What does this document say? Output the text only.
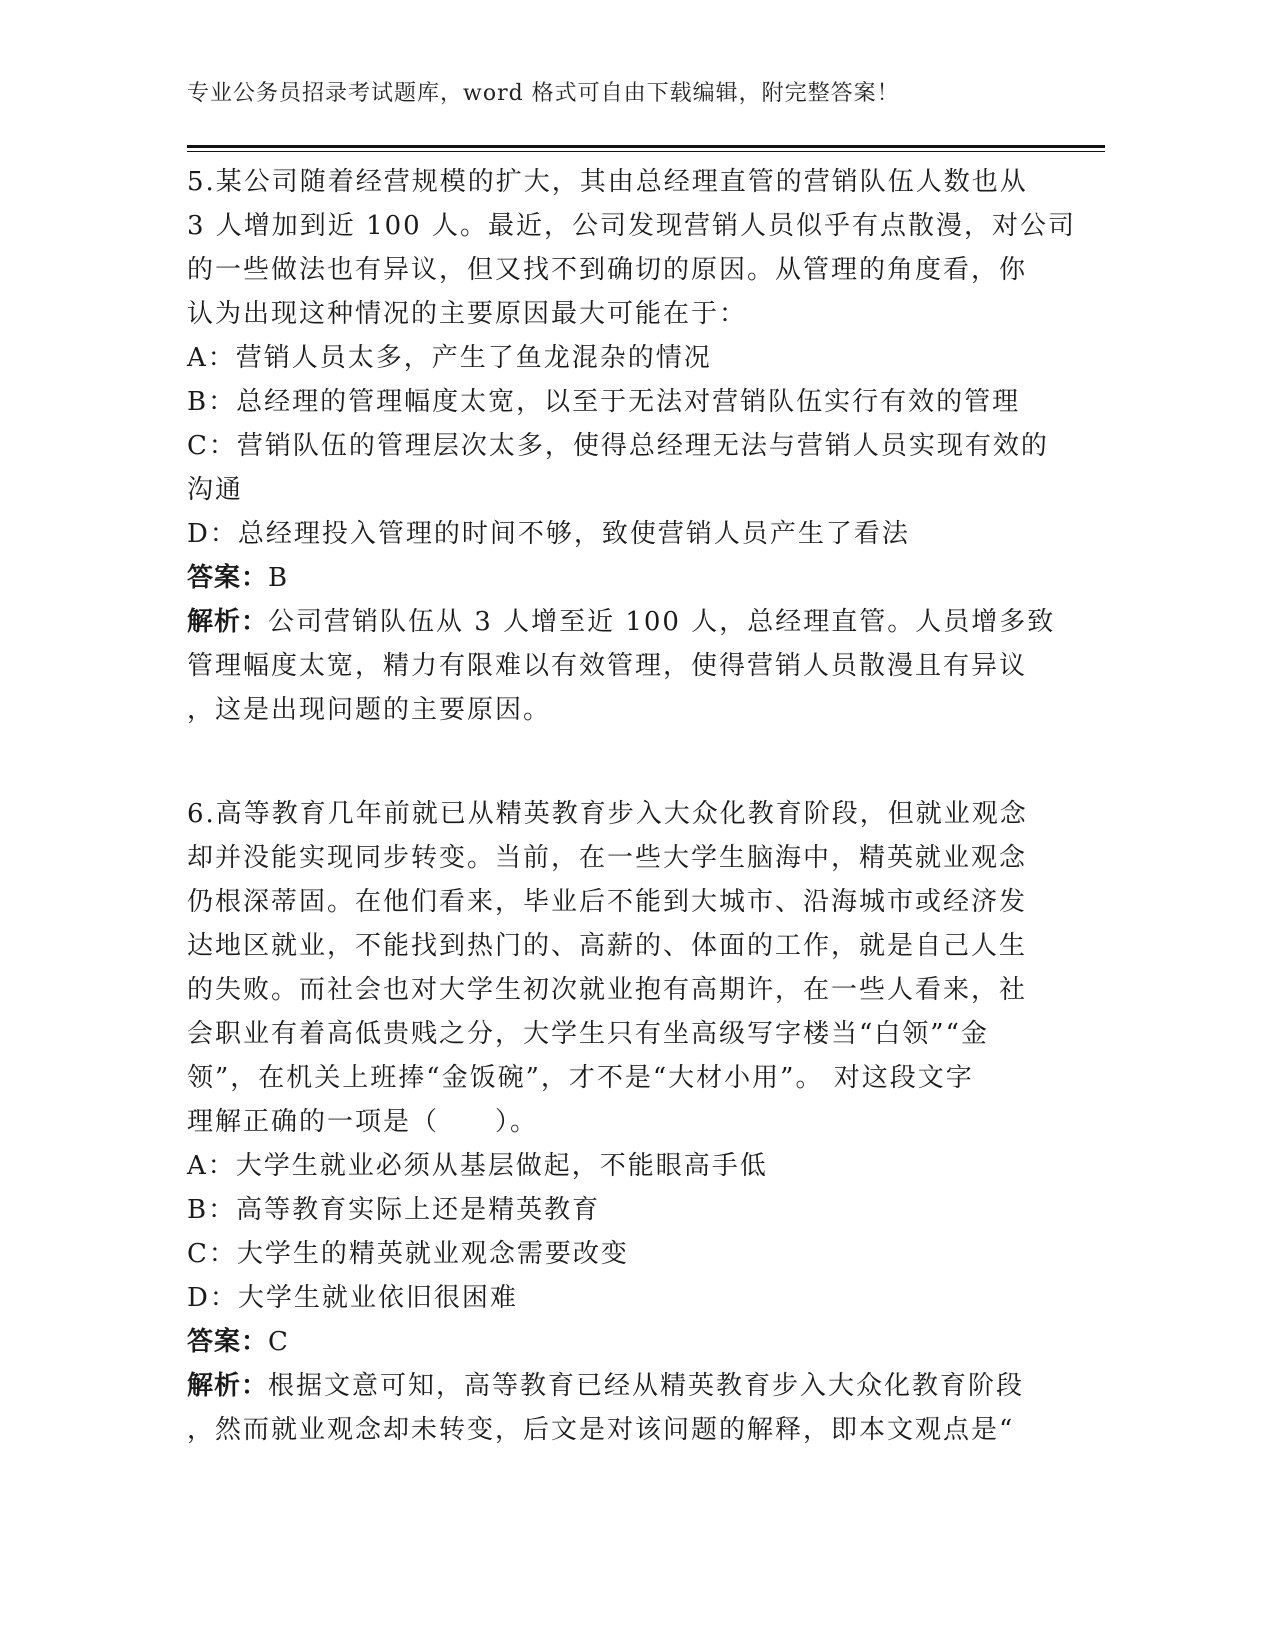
专业公务员招录考试题库，word 格式可自由下载编辑，附完整答案！
5.某公司随着经营规模的扩大，其由总经理直管的营销队伍人数也从
3 人增加到近 100 人。最近，公司发现营销人员似乎有点散漫，对公司
的一些做法也有异议，但又找不到确切的原因。从管理的角度看，你
认为出现这种情况的主要原因最大可能在于：
A：营销人员太多，产生了鱼龙混杂的情况
B：总经理的管理幅度太宽，以至于无法对营销队伍实行有效的管理
C：营销队伍的管理层次太多，使得总经理无法与营销人员实现有效的
沟通
D：总经理投入管理的时间不够，致使营销人员产生了看法
答案：B
解析：公司营销队伍从 3 人增至近 100 人，总经理直管。人员增多致
管理幅度太宽，精力有限难以有效管理，使得营销人员散漫且有异议
，这是出现问题的主要原因。
6.高等教育几年前就已从精英教育步入大众化教育阶段，但就业观念
却并没能实现同步转变。当前，在一些大学生脑海中，精英就业观念
仍根深蒂固。在他们看来，毕业后不能到大城市、沿海城市或经济发
达地区就业，不能找到热门的、高薪的、体面的工作，就是自己人生
的失败。而社会也对大学生初次就业抱有高期许，在一些人看来，社
会职业有着高低贵贱之分，大学生只有坐高级写字楼当“白领”“金
领”，在机关上班捧“金饭碗”，才不是“大材小用”。 对这段文字
理解正确的一项是（　　）。
A：大学生就业必须从基层做起，不能眼高手低
B：高等教育实际上还是精英教育
C：大学生的精英就业观念需要改变
D：大学生就业依旧很困难
答案：C
解析：根据文意可知，高等教育已经从精英教育步入大众化教育阶段
，然而就业观念却未转变，后文是对该问题的解释，即本文观点是“
